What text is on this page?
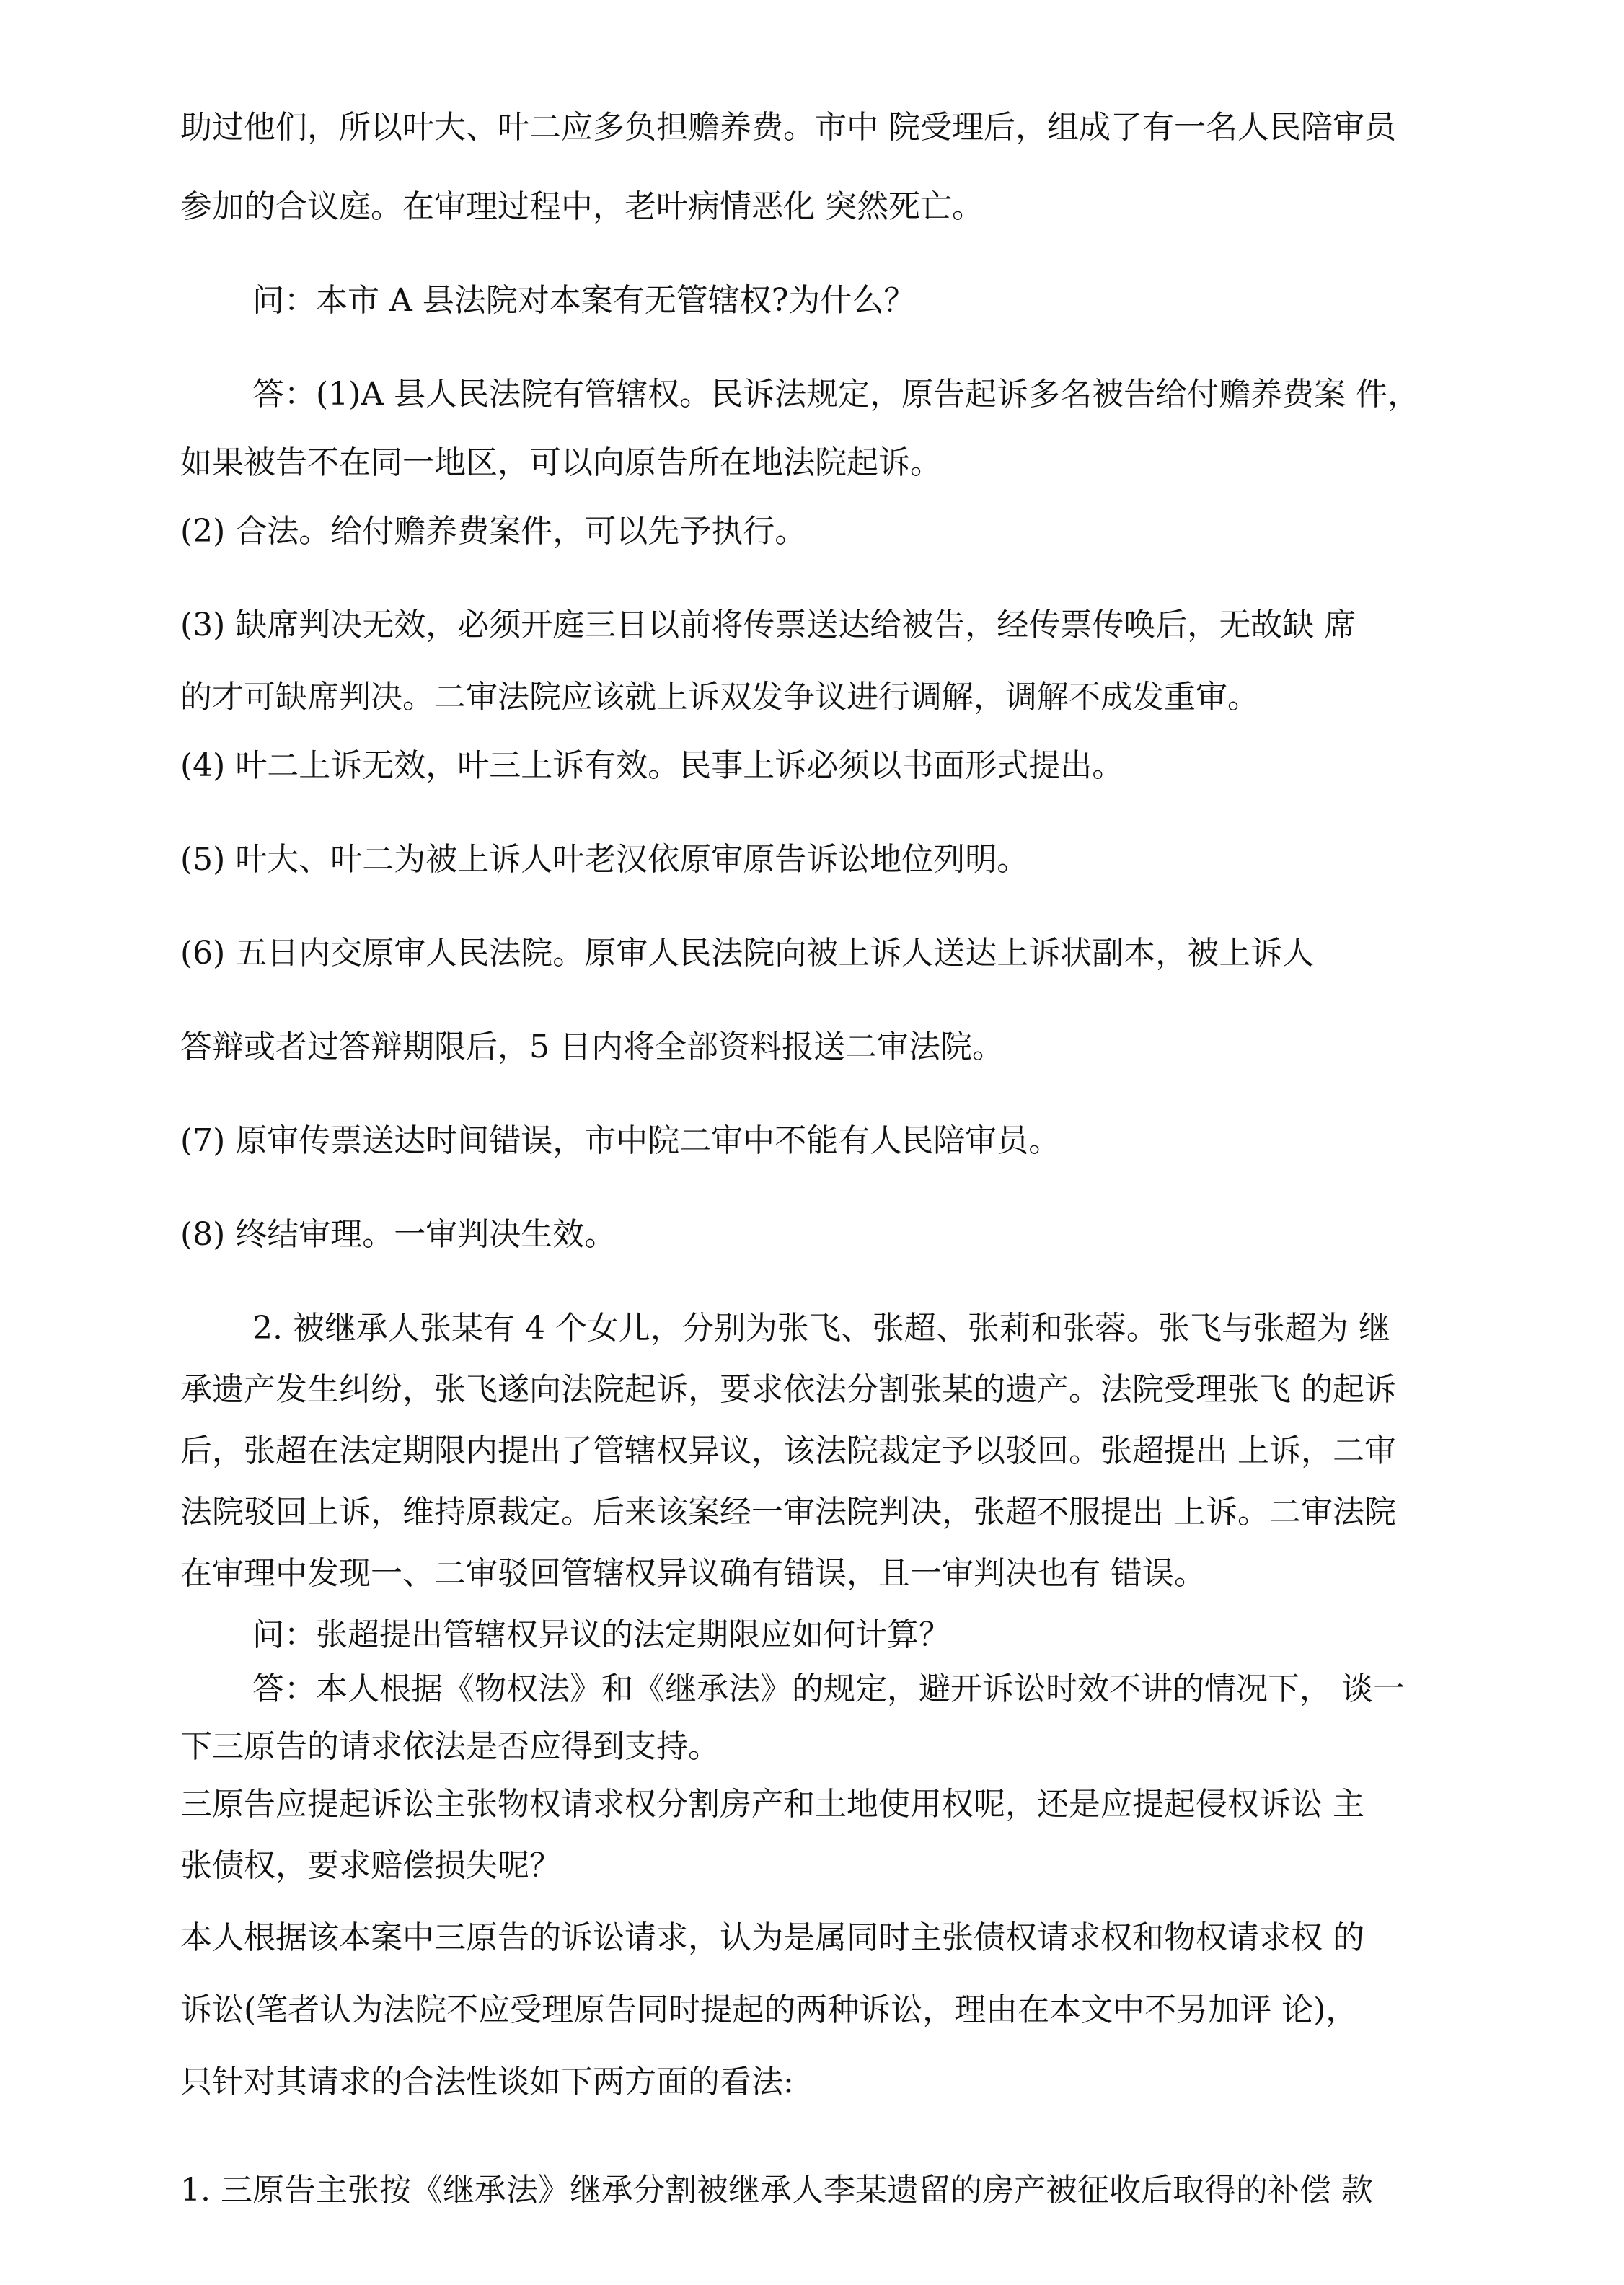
助过他们，所以叶大、叶二应多负担赡养费。市中 院受理后，组成了有一名人民陪审员

参加的合议庭。在审理过程中，老叶病情恶化 突然死亡。

问：本市 A 县法院对本案有无管辖权?为什么？

答：(1)A 县人民法院有管辖权。民诉法规定，原告起诉多名被告给付赡养费案 件，

如果被告不在同一地区，可以向原告所在地法院起诉。

(2) 合法。给付赡养费案件，可以先予执行。

(3) 缺席判决无效，必须开庭三日以前将传票送达给被告，经传票传唤后，无故缺 席

的才可缺席判决。二审法院应该就上诉双发争议进行调解，调解不成发重审。

(4) 叶二上诉无效，叶三上诉有效。民事上诉必须以书面形式提出。

(5) 叶大、叶二为被上诉人叶老汉依原审原告诉讼地位列明。

(6) 五日内交原审人民法院。原审人民法院向被上诉人送达上诉状副本，被上诉人

答辩或者过答辩期限后，5 日内将全部资料报送二审法院。

(7) 原审传票送达时间错误，市中院二审中不能有人民陪审员。

(8) 终结审理。一审判决生效。

2. 被继承人张某有 4 个女儿，分别为张飞、张超、张莉和张蓉。张飞与张超为 继

承遗产发生纠纷，张飞遂向法院起诉，要求依法分割张某的遗产。法院受理张飞 的起诉

后，张超在法定期限内提出了管辖权异议，该法院裁定予以驳回。张超提出 上诉，二审

法院驳回上诉，维持原裁定。后来该案经一审法院判决，张超不服提出 上诉。二审法院

在审理中发现一、二审驳回管辖权异议确有错误，且一审判决也有 错误。

问：张超提出管辖权异议的法定期限应如何计算？

答：本人根据《物权法》和《继承法》的规定，避开诉讼时效不讲的情况下， 谈一

下三原告的请求依法是否应得到支持。

三原告应提起诉讼主张物权请求权分割房产和土地使用权呢，还是应提起侵权诉讼 主

张债权，要求赔偿损失呢？

本人根据该本案中三原告的诉讼请求，认为是属同时主张债权请求权和物权请求权 的

诉讼(笔者认为法院不应受理原告同时提起的两种诉讼，理由在本文中不另加评 论)，

只针对其请求的合法性谈如下两方面的看法:

1. 三原告主张按《继承法》继承分割被继承人李某遗留的房产被征收后取得的补偿 款
